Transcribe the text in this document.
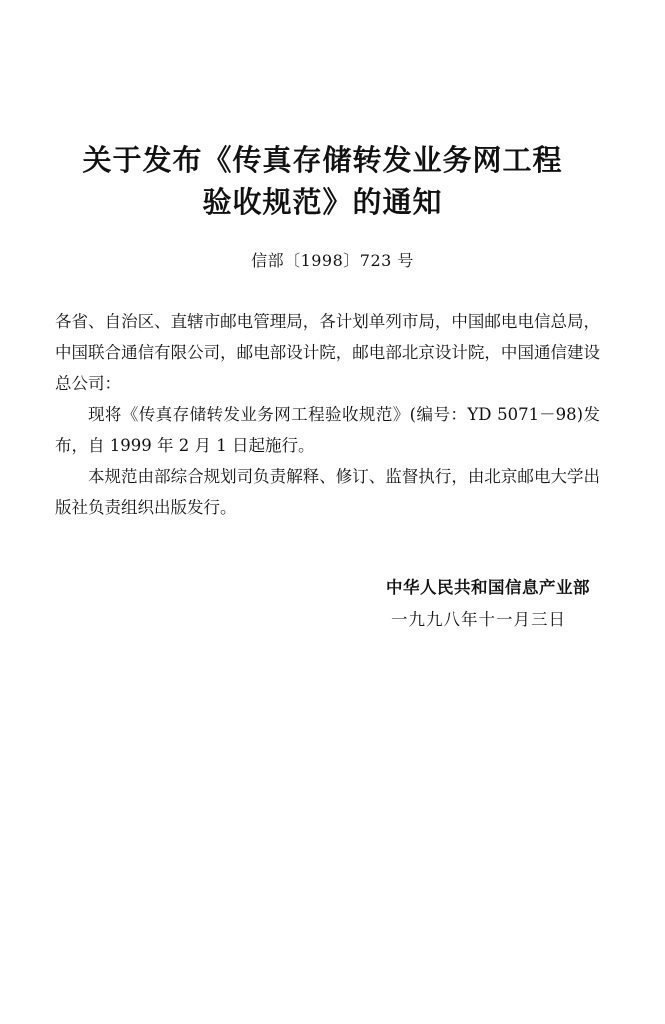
关于发布《传真存储转发业务网工程
验收规范》的通知
信部〔1998〕723 号
各省、自治区、直辖市邮电管理局，各计划单列市局，中国邮电电信总局，中国联合通信有限公司，邮电部设计院，邮电部北京设计院，中国通信建设总公司：
现将《传真存储转发业务网工程验收规范》(编号：YD 5071－98)发布，自 1999 年 2 月 1 日起施行。
本规范由部综合规划司负责解释、修订、监督执行，由北京邮电大学出版社负责组织出版发行。
中华人民共和国信息产业部
一九九八年十一月三日
